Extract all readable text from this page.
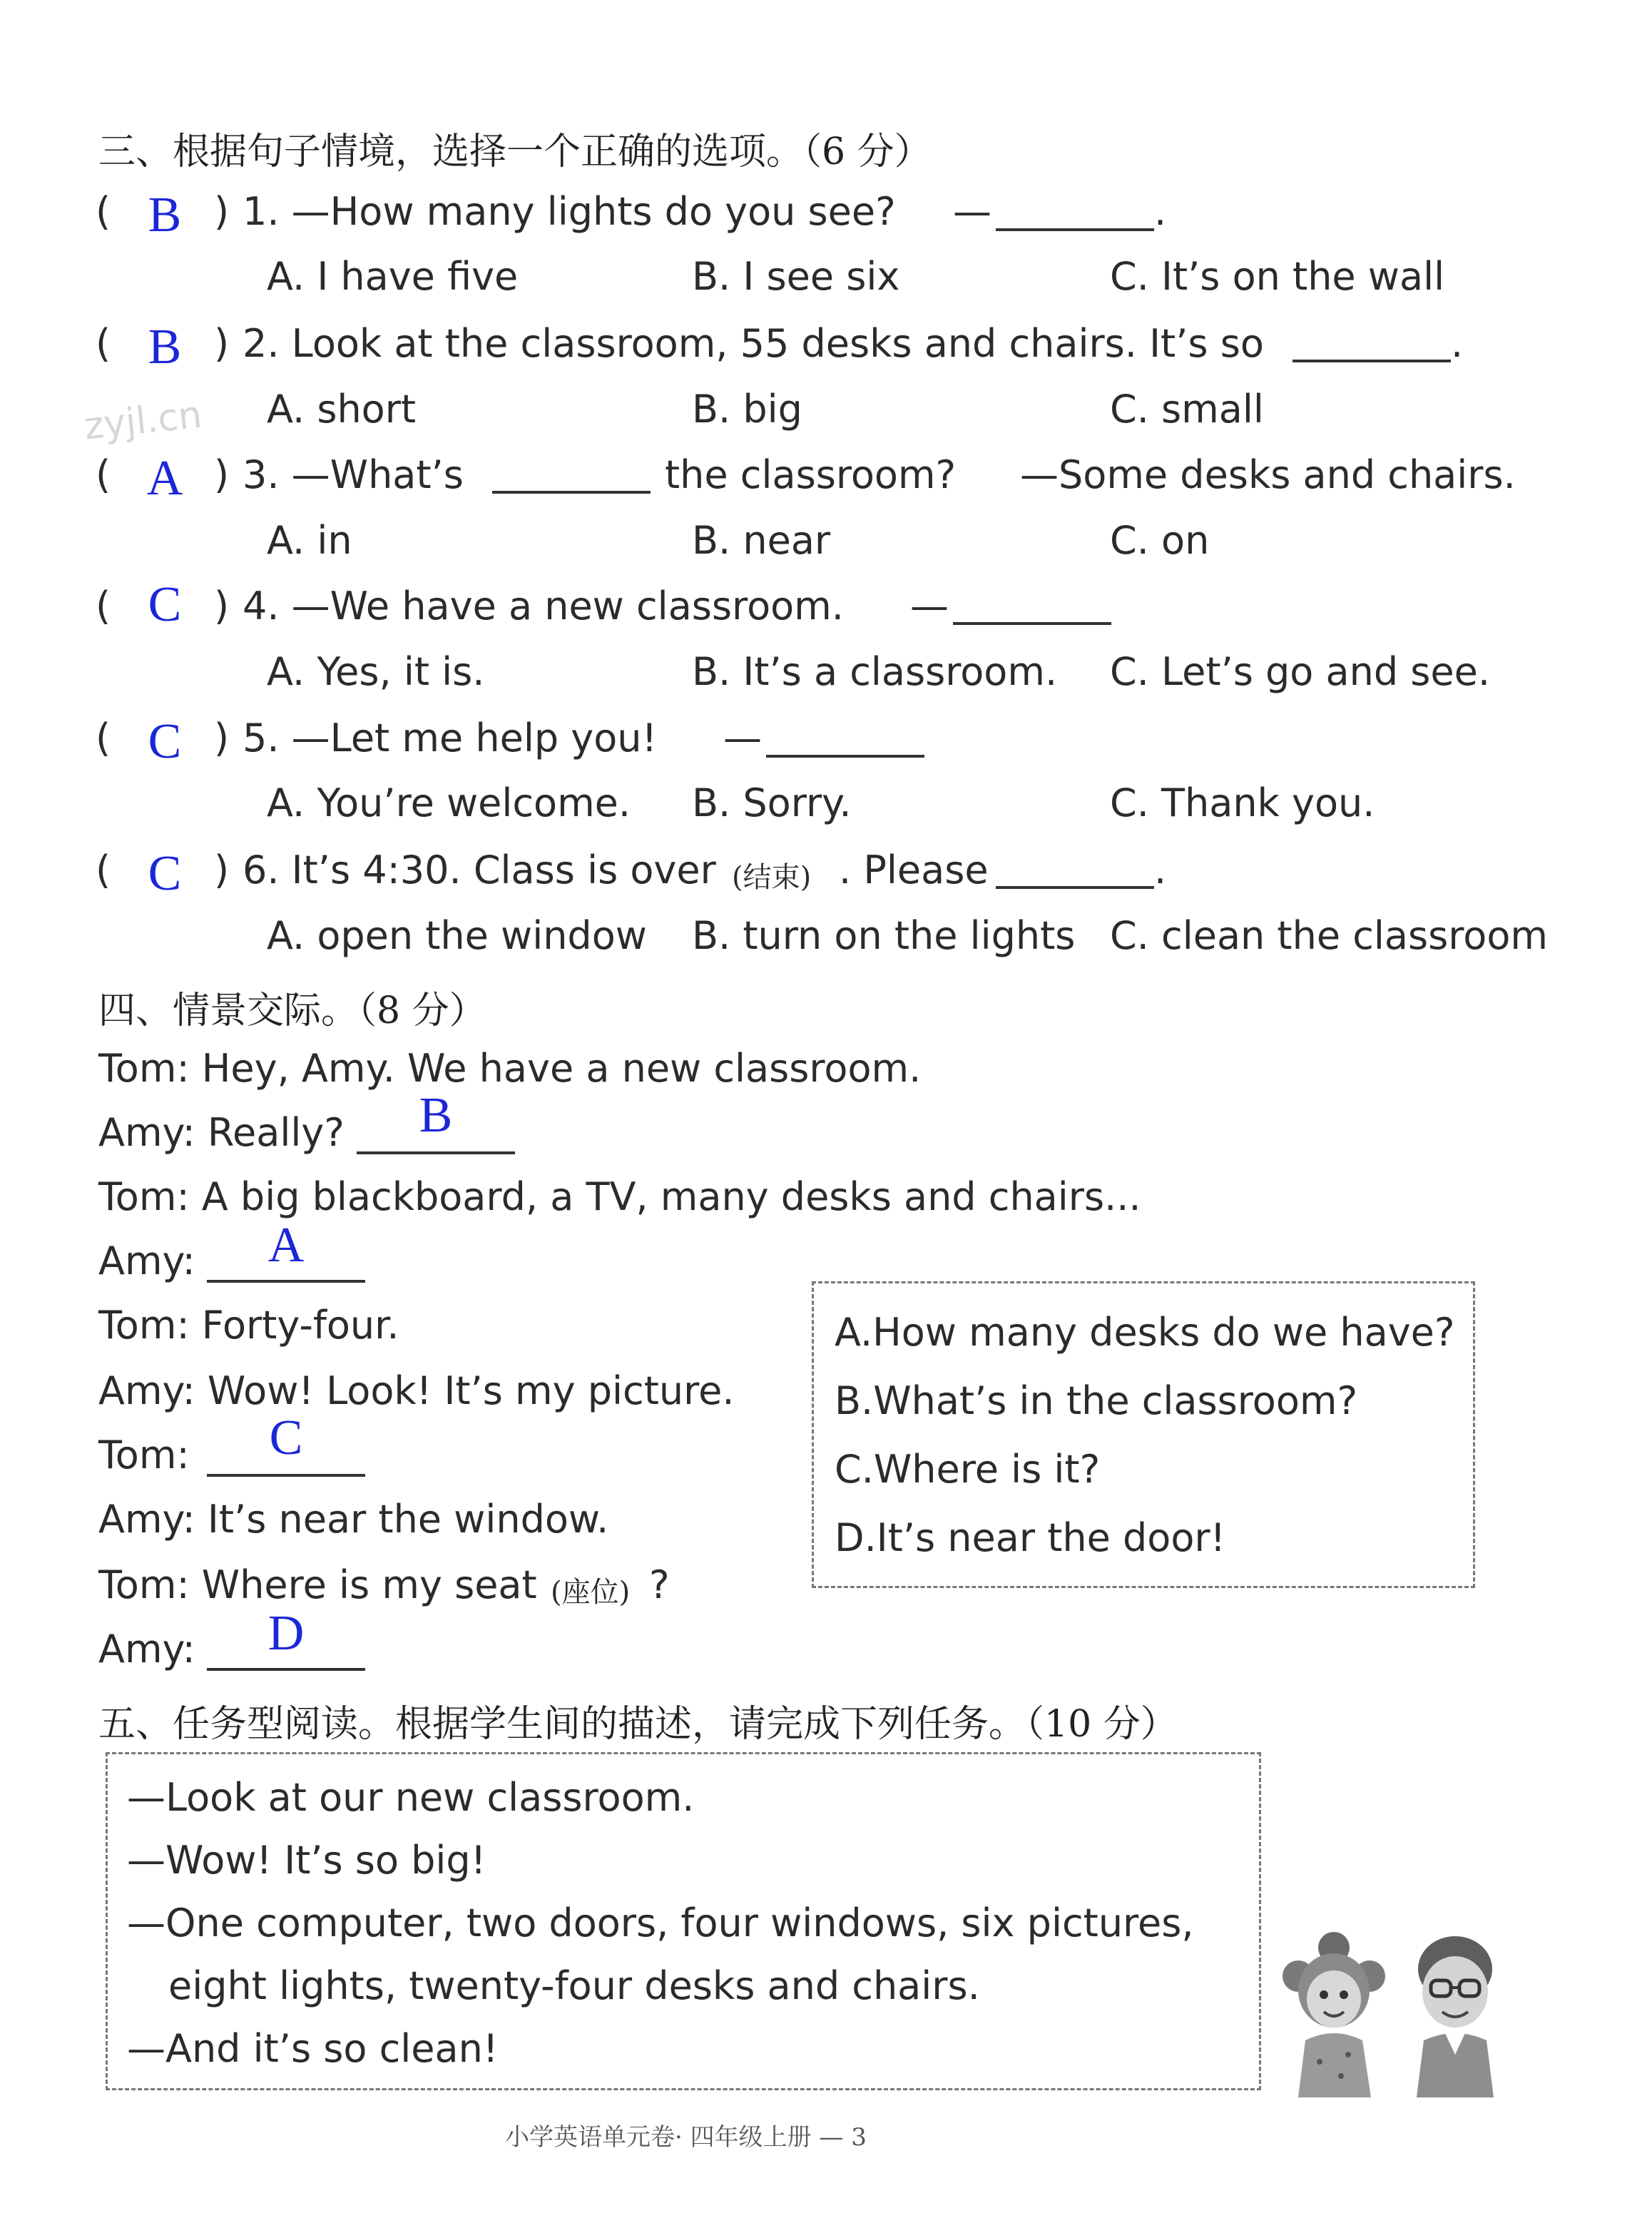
zyjl.cn
三、根据句子情境，选择一个正确的选项。（6 分）
( B ) 1. —How many lights do you see? —	.
A. I have five	B. I see six	C. It’s on the wall
( B ) 2. Look at the classroom, 55 desks and chairs. It’s so	.
A. short	B. big	C. small
( A ) 3. —What’s	the classroom? —Some desks and chairs.
A. in	B. near	C. on
( C ) 4. —We have a new classroom. —
A. Yes, it is.	B. It’s a classroom. C. Let’s go and see.
( C ) 5. —Let me help you! —
A. You’re welcome. B. Sorry.	C. Thank you.
( C ) 6. It’s 4:30. Class is over (结束) . Please	.
A. open the window B. turn on the lights C. clean the classroom
四、情景交际。（8 分）
Tom: Hey, Amy. We have a new classroom.
Amy: Really?	B
Tom: A big blackboard, a TV, many desks and chairs...
Amy: A
Tom: Forty-four.
Amy: Wow! Look! It’s my picture.
Tom:	C
Amy: It’s near the window.
Tom: Where is my seat (座位) ?
Amy: D
A.How many desks do we have?
B.What’s in the classroom?
C.Where is it?
D.It’s near the door!
五、任务型阅读。根据学生间的描述，请完成下列任务。（10 分）
—Look at our new classroom.
—Wow! It’s so big!
—One computer, two doors, four windows, six pictures,
eight lights, twenty-four desks and chairs.
—And it’s so clean!
小学英语单元卷· 四年级上册 — 3
